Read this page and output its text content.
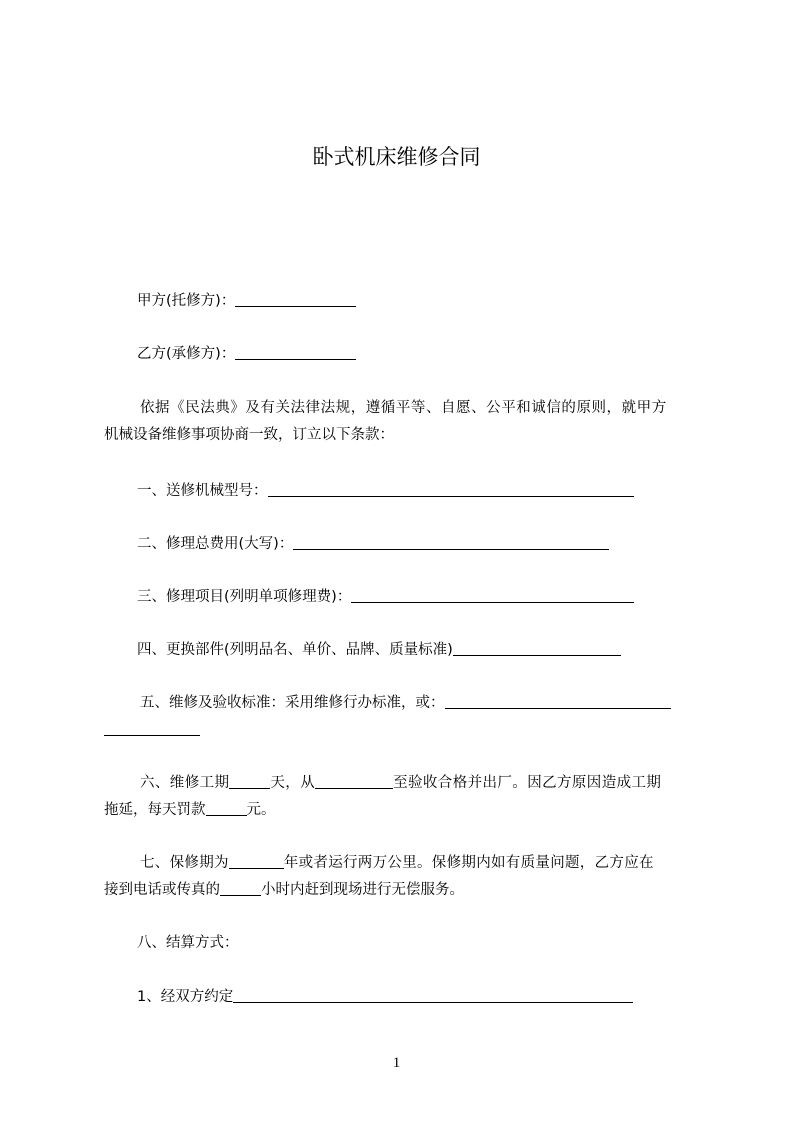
卧式机床维修合同
甲方(托修方)：
乙方(承修方)：
依据《民法典》及有关法律法规，遵循平等、自愿、公平和诚信的原则，就甲方
机械设备维修事项协商一致，订立以下条款：
一、送修机械型号：
二、修理总费用(大写)：
三、修理项目(列明单项修理费)：
四、更换部件(列明品名、单价、品牌、质量标准)
五、维修及验收标准：采用维修行办标准，或：
六、维修工期	天，从	至验收合格并出厂。因乙方原因造成工期
拖延，每天罚款	元。
七、保修期为	年或者运行两万公里。保修期内如有质量问题，乙方应在
接到电话或传真的	小时内赶到现场进行无偿服务。
八、结算方式：
1、经双方约定
1
